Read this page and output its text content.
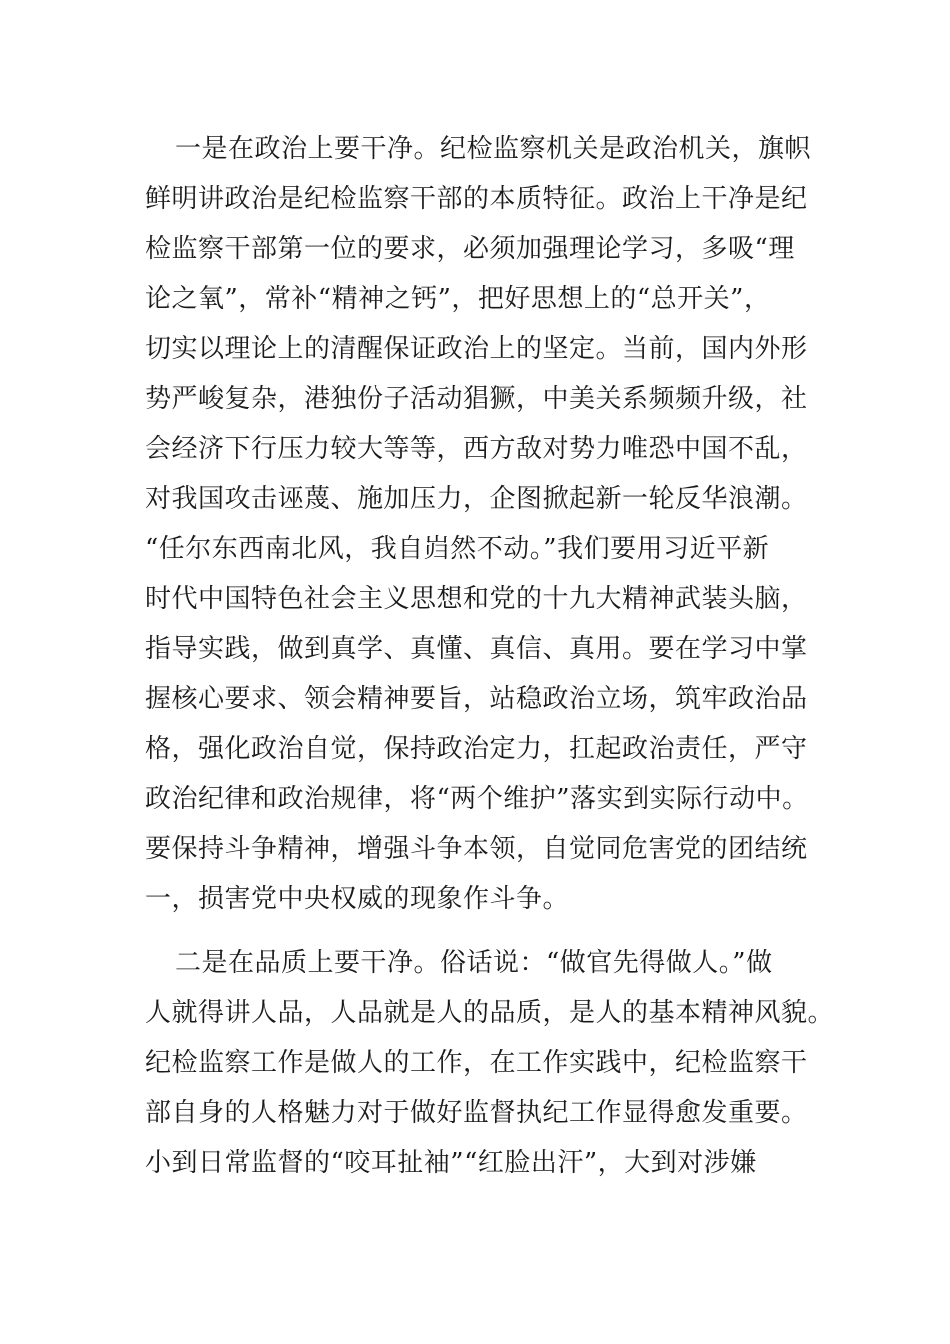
一是在政治上要干净。纪检监察机关是政治机关，旗帜
鲜明讲政治是纪检监察干部的本质特征。政治上干净是纪
检监察干部第一位的要求，必须加强理论学习，多吸“理
论之氧”，常补“精神之钙”，把好思想上的“总开关”，
切实以理论上的清醒保证政治上的坚定。当前，国内外形
势严峻复杂，港独份子活动猖獗，中美关系频频升级，社
会经济下行压力较大等等，西方敌对势力唯恐中国不乱，
对我国攻击诬蔑、施加压力，企图掀起新一轮反华浪潮。
“任尔东西南北风，我自岿然不动。”我们要用习近平新
时代中国特色社会主义思想和党的十九大精神武装头脑，
指导实践，做到真学、真懂、真信、真用。要在学习中掌
握核心要求、领会精神要旨，站稳政治立场，筑牢政治品
格，强化政治自觉，保持政治定力，扛起政治责任，严守
政治纪律和政治规律，将“两个维护”落实到实际行动中。
要保持斗争精神，增强斗争本领，自觉同危害党的团结统
一，损害党中央权威的现象作斗争。
二是在品质上要干净。俗话说：“做官先得做人。”做
人就得讲人品，人品就是人的品质，是人的基本精神风貌。
纪检监察工作是做人的工作，在工作实践中，纪检监察干
部自身的人格魅力对于做好监督执纪工作显得愈发重要。
小到日常监督的“咬耳扯袖”“红脸出汗”，大到对涉嫌
